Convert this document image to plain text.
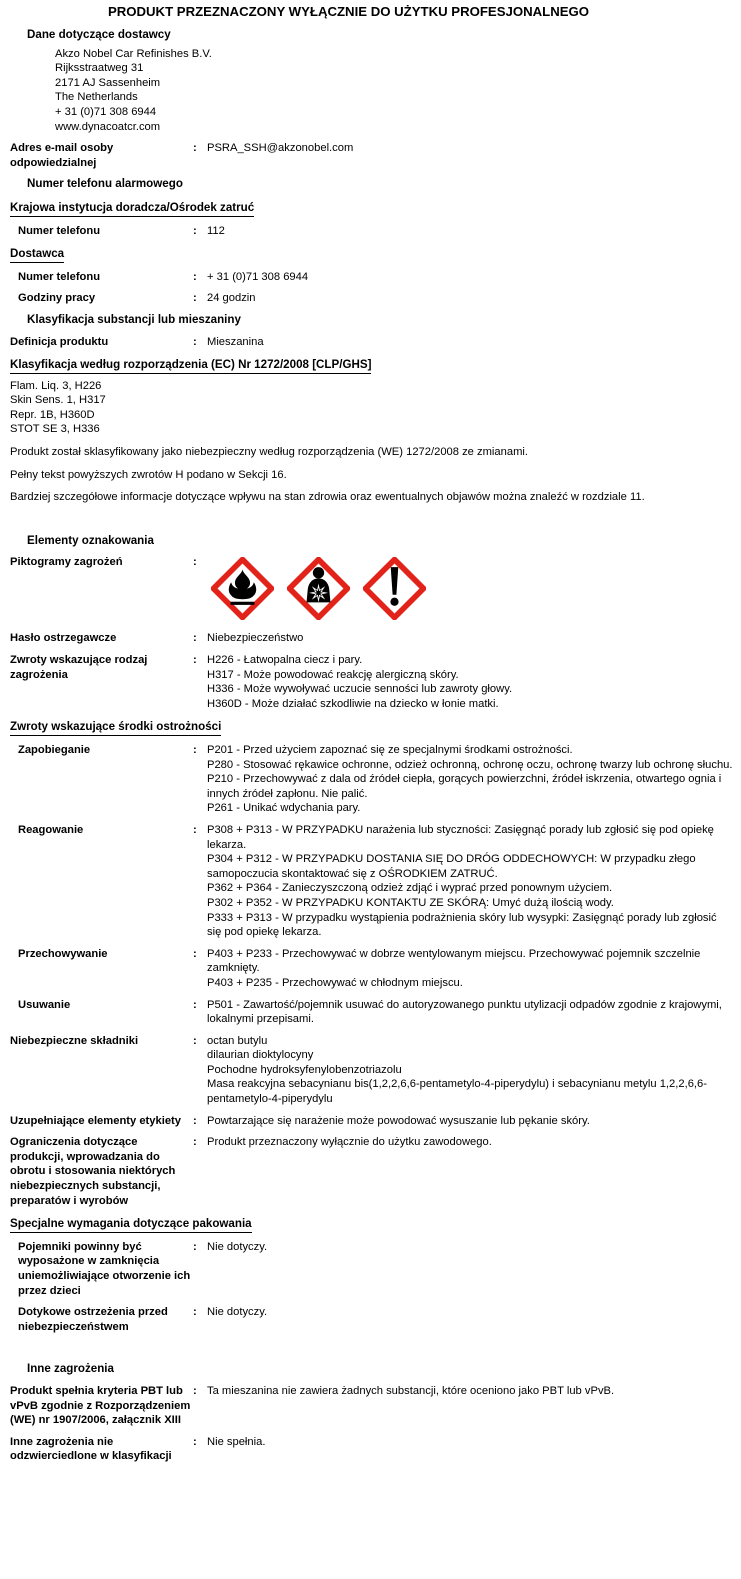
PRODUKT PRZEZNACZONY WYŁĄCZNIE DO UŻYTKU PROFESJONALNEGO
Dane dotyczące dostawcy
Akzo Nobel Car Refinishes B.V.
Rijksstraatweg 31
2171 AJ Sassenheim
The Netherlands
+ 31 (0)71 308 6944
www.dynacoatcr.com
Adres e-mail osoby odpowiedzialnej
: PSRA_SSH@akzonobel.com
Numer telefonu alarmowego
Krajowa instytucja doradcza/Ośrodek zatruć
Numer telefonu	: 112
Dostawca
Numer telefonu	: + 31 (0)71 308 6944
Godziny pracy	: 24 godzin
Klasyfikacja substancji lub mieszaniny
Definicja produktu	: Mieszanina
Klasyfikacja według rozporządzenia (EC) Nr 1272/2008 [CLP/GHS]
Flam. Liq. 3, H226
Skin Sens. 1, H317
Repr. 1B, H360D
STOT SE 3, H336
Produkt został sklasyfikowany jako niebezpieczny według rozporządzenia (WE) 1272/2008 ze zmianami.
Pełny tekst powyższych zwrotów H podano w Sekcji 16.
Bardziej szczegółowe informacje dotyczące wpływu na stan zdrowia oraz ewentualnych objawów można znaleźć w rozdziale 11.
Elementy oznakowania
Piktogramy zagrożeń	:
Hasło ostrzegawcze	: Niebezpieczeństwo
Zwroty wskazujące rodzaj zagrożenia
: H226 - Łatwopalna ciecz i pary.
H317 - Może powodować reakcję alergiczną skóry.
H336 - Może wywoływać uczucie senności lub zawroty głowy.
H360D - Może działać szkodliwie na dziecko w łonie matki.
Zwroty wskazujące środki ostrożności
Zapobieganie	: P201 - Przed użyciem zapoznać się ze specjalnymi środkami ostrożności.
P280 - Stosować rękawice ochronne, odzież ochronną, ochronę oczu, ochronę twarzy lub ochronę słuchu.
P210 - Przechowywać z dala od źródeł ciepła, gorących powierzchni, źródeł iskrzenia, otwartego ognia i innych źródeł zapłonu. Nie palić.
P261 - Unikać wdychania pary.
Reagowanie	: P308 + P313 - W PRZYPADKU narażenia lub styczności: Zasięgnąć porady lub zgłosić się pod opiekę lekarza.
P304 + P312 - W PRZYPADKU DOSTANIA SIĘ DO DRÓG ODDECHOWYCH: W przypadku złego samopoczucia skontaktować się z OŚRODKIEM ZATRUĆ.
P362 + P364 - Zanieczyszczoną odzież zdjąć i wyprać przed ponownym użyciem.
P302 + P352 - W PRZYPADKU KONTAKTU ZE SKÓRĄ: Umyć dużą ilością wody.
P333 + P313 - W przypadku wystąpienia podrażnienia skóry lub wysypki: Zasięgnąć porady lub zgłosić się pod opiekę lekarza.
Przechowywanie	: P403 + P233 - Przechowywać w dobrze wentylowanym miejscu. Przechowywać pojemnik szczelnie zamknięty.
P403 + P235 - Przechowywać w chłodnym miejscu.
Usuwanie	: P501 - Zawartość/pojemnik usuwać do autoryzowanego punktu utylizacji odpadów zgodnie z krajowymi, lokalnymi przepisami.
Niebezpieczne składniki	: octan butylu
dilaurian dioktylocyny
Pochodne hydroksyfenylobenzotriazolu
Masa reakcyjna sebacynianu bis(1,2,2,6,6-pentametylo-4-piperydylu) i sebacynianu metylu 1,2,2,6,6-pentametylo-4-piperydylu
Uzupełniające elementy etykiety	: Powtarzające się narażenie może powodować wysuszanie lub pękanie skóry.
Ograniczenia dotyczące produkcji, wprowadzania do obrotu i stosowania niektórych niebezpiecznych substancji, preparatów i wyrobów
: Produkt przeznaczony wyłącznie do użytku zawodowego.
Specjalne wymagania dotyczące pakowania
Pojemniki powinny być wyposażone w zamknięcia uniemożliwiające otworzenie ich przez dzieci
: Nie dotyczy.
Dotykowe ostrzeżenia przed niebezpieczeństwem
: Nie dotyczy.
Inne zagrożenia
Produkt spełnia kryteria PBT lub vPvB zgodnie z Rozporządzeniem (WE) nr 1907/2006, załącznik XIII
: Ta mieszanina nie zawiera żadnych substancji, które oceniono jako PBT lub vPvB.
Inne zagrożenia nie odzwierciedlone w klasyfikacji
: Nie spełnia.
